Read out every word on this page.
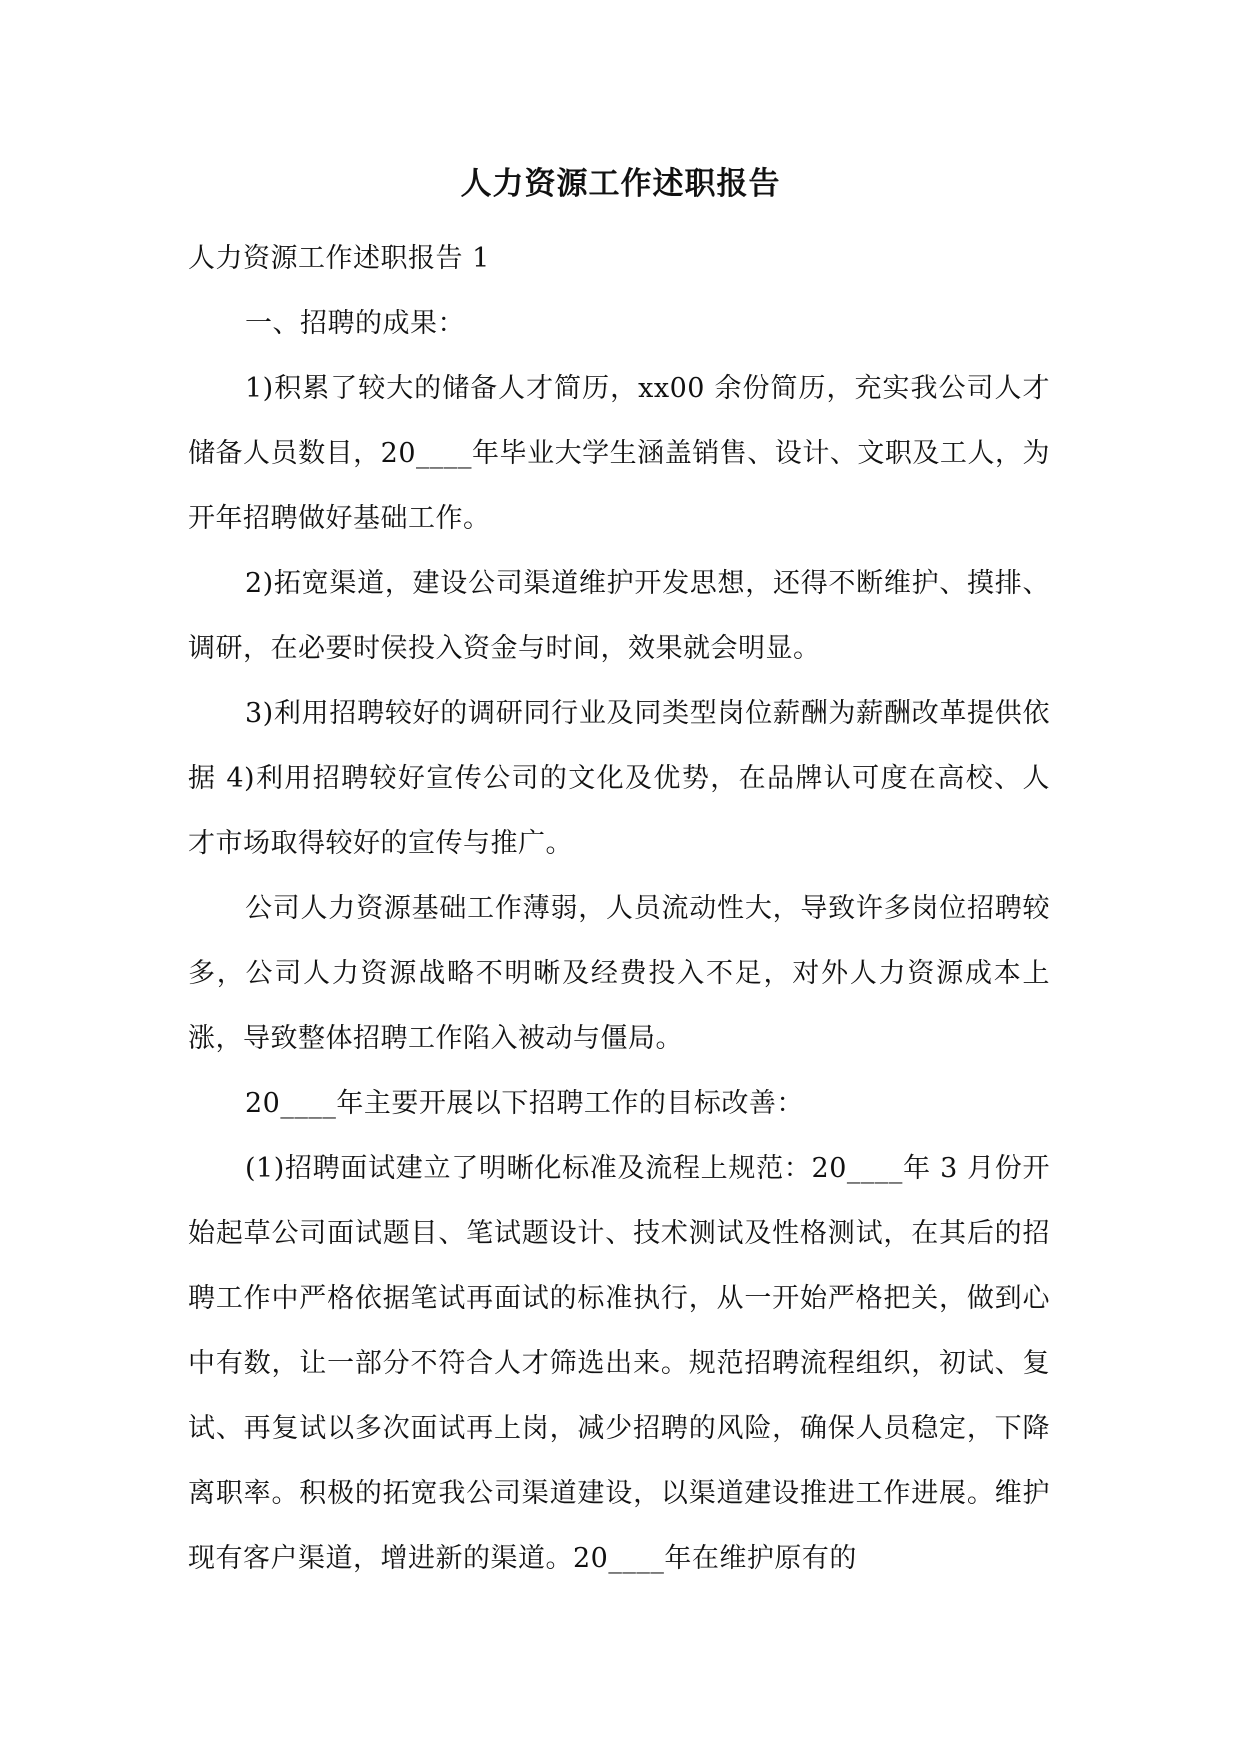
人力资源工作述职报告

人力资源工作述职报告 1

一、招聘的成果：

1)积累了较大的储备人才简历，xx00 余份简历，充实我公司人才储备人员数目，20____年毕业大学生涵盖销售、设计、文职及工人，为开年招聘做好基础工作。

2)拓宽渠道，建设公司渠道维护开发思想，还得不断维护、摸排、调研，在必要时侯投入资金与时间，效果就会明显。

3)利用招聘较好的调研同行业及同类型岗位薪酬为薪酬改革提供依据 4)利用招聘较好宣传公司的文化及优势，在品牌认可度在高校、人才市场取得较好的宣传与推广。

公司人力资源基础工作薄弱，人员流动性大，导致许多岗位招聘较多，公司人力资源战略不明晰及经费投入不足，对外人力资源成本上涨，导致整体招聘工作陷入被动与僵局。

20____年主要开展以下招聘工作的目标改善：

(1)招聘面试建立了明晰化标准及流程上规范：20____年 3 月份开始起草公司面试题目、笔试题设计、技术测试及性格测试，在其后的招聘工作中严格依据笔试再面试的标准执行，从一开始严格把关，做到心中有数，让一部分不符合人才筛选出来。规范招聘流程组织，初试、复试、再复试以多次面试再上岗，减少招聘的风险，确保人员稳定，下降离职率。积极的拓宽我公司渠道建设，以渠道建设推进工作进展。维护现有客户渠道，增进新的渠道。20____年在维护原有的
